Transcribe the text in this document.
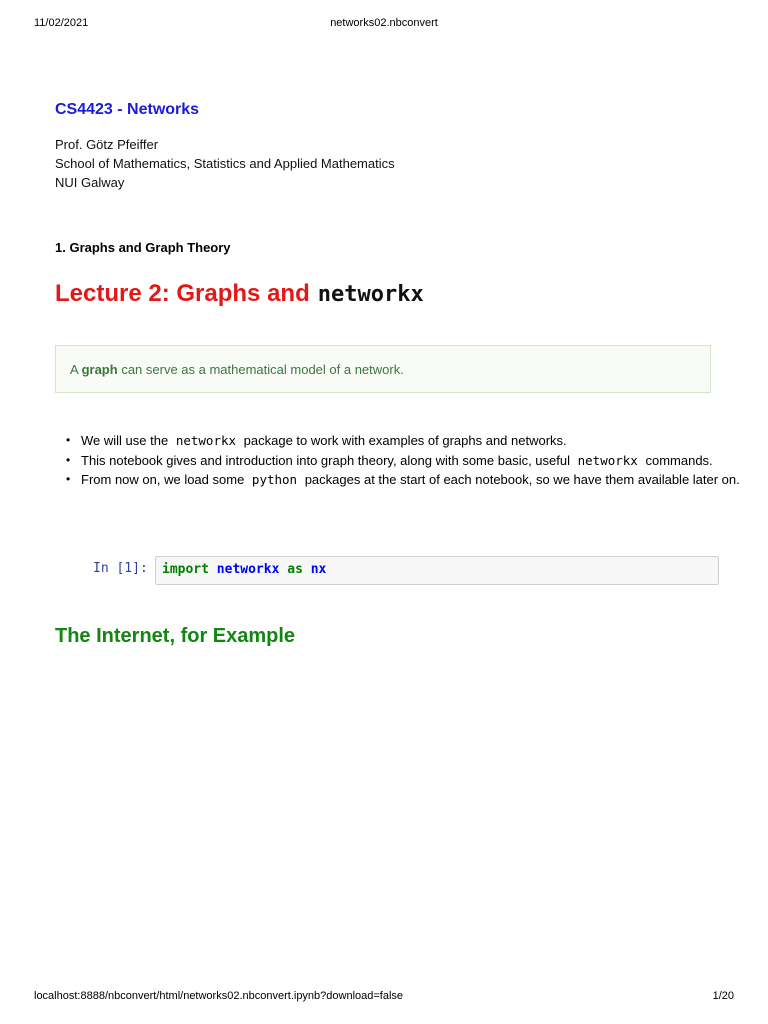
11/02/2021	networks02.nbconvert
CS4423 - Networks
Prof. Götz Pfeiffer
School of Mathematics, Statistics and Applied Mathematics
NUI Galway
1. Graphs and Graph Theory
Lecture 2: Graphs and networkx
A graph can serve as a mathematical model of a network.
• We will use the networkx package to work with examples of graphs and networks.
• This notebook gives and introduction into graph theory, along with some basic, useful networkx commands.
• From now on, we load some python packages at the start of each notebook, so we have them available later on.
In [1]:	import networkx as nx
The Internet, for Example
localhost:8888/nbconvert/html/networks02.nbconvert.ipynb?download=false	1/20
